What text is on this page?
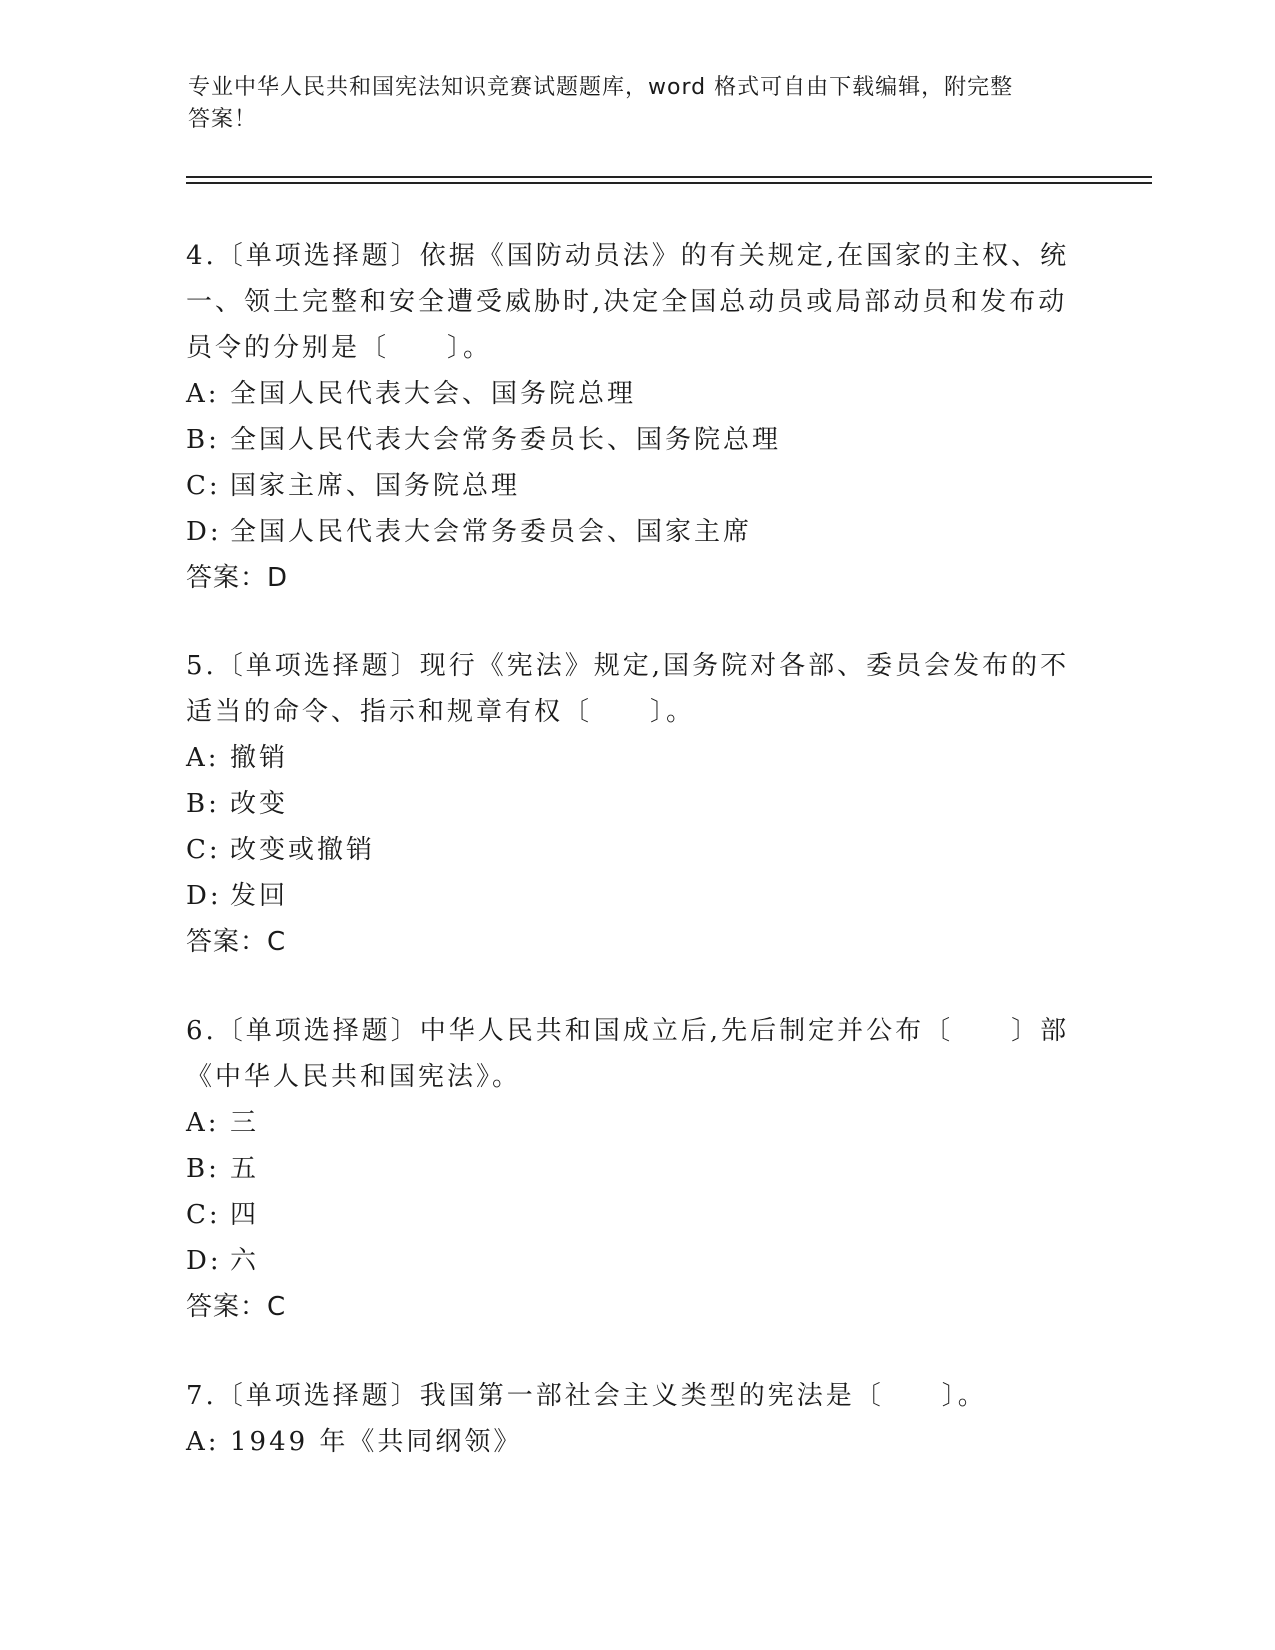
专业中华人民共和国宪法知识竞赛试题题库，word 格式可自由下载编辑，附完整
答案！

4.〔单项选择题〕依据《国防动员法》的有关规定,在国家的主权、统一、领土完整和安全遭受威胁时,决定全国总动员或局部动员和发布动员令的分别是〔　　〕。

A: 全国人民代表大会、国务院总理

B: 全国人民代表大会常务委员长、国务院总理

C: 国家主席、国务院总理

D: 全国人民代表大会常务委员会、国家主席

答案：D

5.〔单项选择题〕现行《宪法》规定,国务院对各部、委员会发布的不适当的命令、指示和规章有权〔　　〕。

A: 撤销

B: 改变

C: 改变或撤销

D: 发回

答案：C

6.〔单项选择题〕中华人民共和国成立后,先后制定并公布〔　　〕部《中华人民共和国宪法》。

A: 三

B: 五

C: 四

D: 六

答案：C

7.〔单项选择题〕我国第一部社会主义类型的宪法是〔　　〕。

A: 1949 年《共同纲领》
